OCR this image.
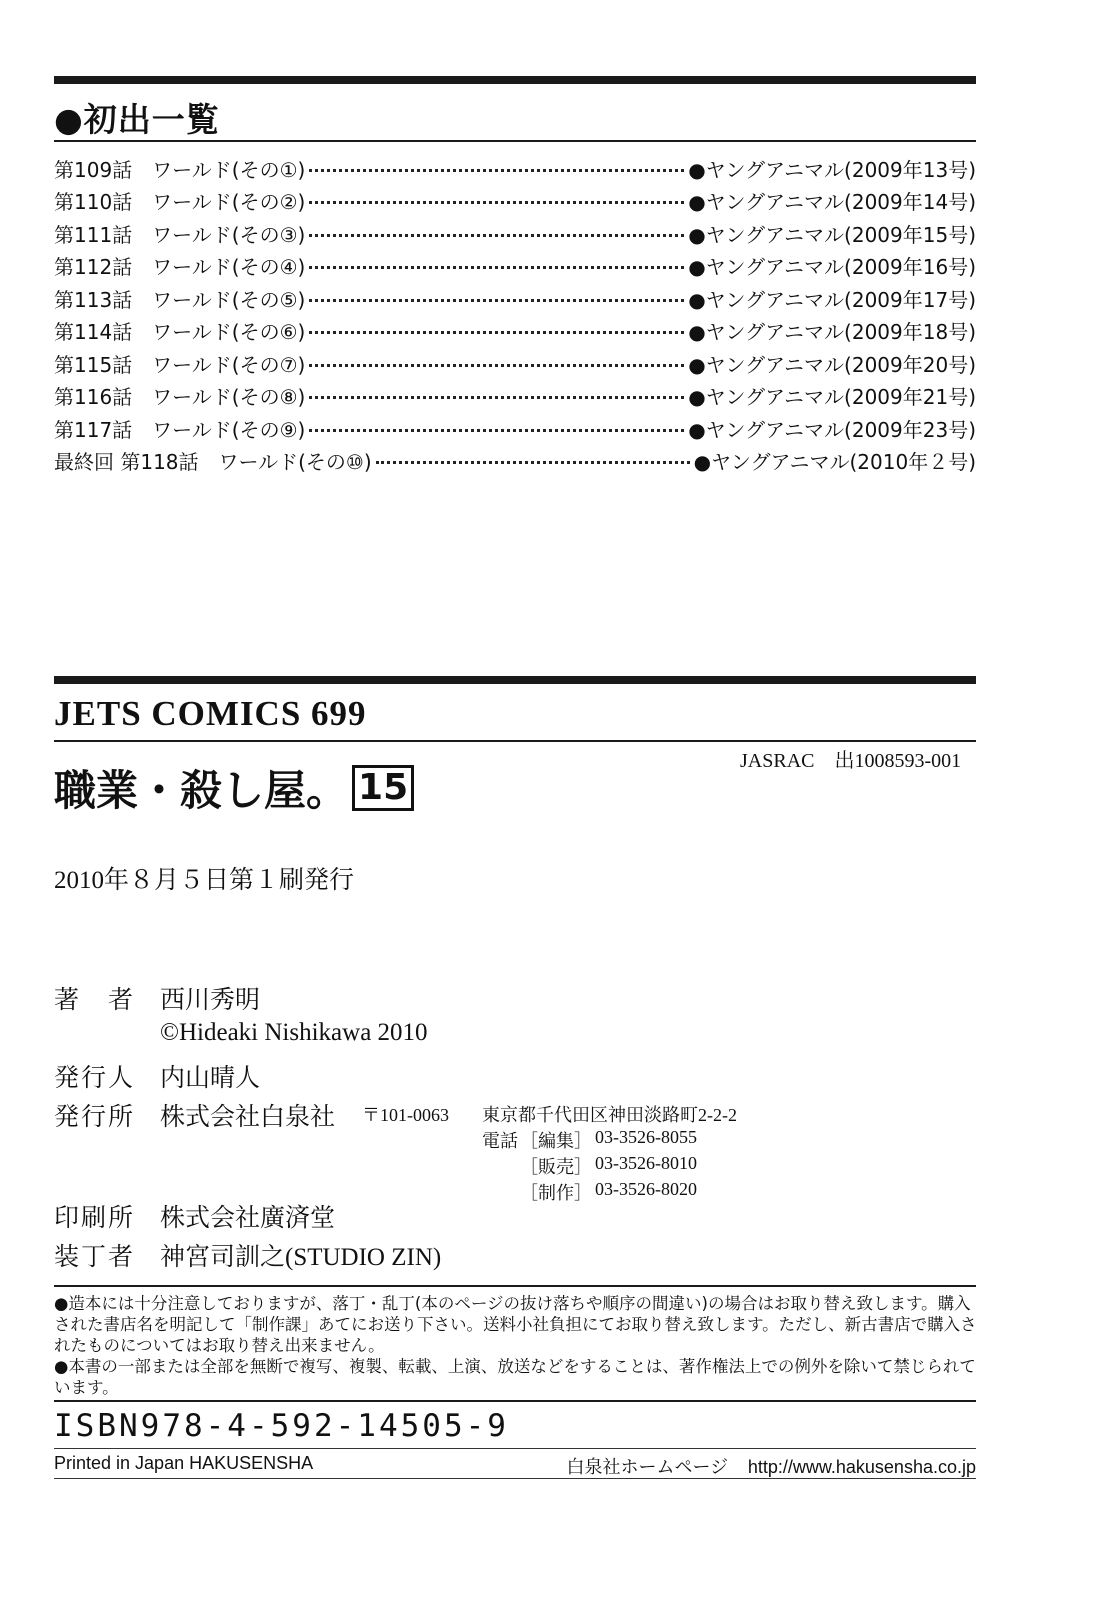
●初出一覧
第109話　ワールド(その①)	●ヤングアニマル(2009年13号)
第110話　ワールド(その②)	●ヤングアニマル(2009年14号)
第111話　ワールド(その③)	●ヤングアニマル(2009年15号)
第112話　ワールド(その④)	●ヤングアニマル(2009年16号)
第113話　ワールド(その⑤)	●ヤングアニマル(2009年17号)
第114話　ワールド(その⑥)	●ヤングアニマル(2009年18号)
第115話　ワールド(その⑦)	●ヤングアニマル(2009年20号)
第116話　ワールド(その⑧)	●ヤングアニマル(2009年21号)
第117話　ワールド(その⑨)	●ヤングアニマル(2009年23号)
最終回 第118話　ワールド(その⑩)	●ヤングアニマル(2010年２号)
JETS COMICS 699
職業・殺し屋。 15
JASRAC　出1008593-001
2010年８月５日第１刷発行
著　者 西川秀明
©Hideaki Nishikawa 2010
発行人 内山晴人
発行所 株式会社白泉社 〒101-0063 東京都千代田区神田淡路町2-2-2
電話 ［編集］ 03-3526-8055
［販売］ 03-3526-8010
［制作］ 03-3526-8020
印刷所 株式会社廣済堂
装丁者 神宮司訓之(STUDIO ZIN)

●造本には十分注意しておりますが、落丁・乱丁(本のページの抜け落ちや順序の間違い)の場合はお取り替え致します。購入された書店名を明記して「制作課」あてにお送り下さい。送料小社負担にてお取り替え致します。ただし、新古書店で購入されたものについてはお取り替え出来ません。

●本書の一部または全部を無断で複写、複製、転載、上演、放送などをすることは、著作権法上での例外を除いて禁じられています。

ISBN978-4-592-14505-9
Printed in Japan HAKUSENSHA	白泉社ホームページ http://www.hakusensha.co.jp
